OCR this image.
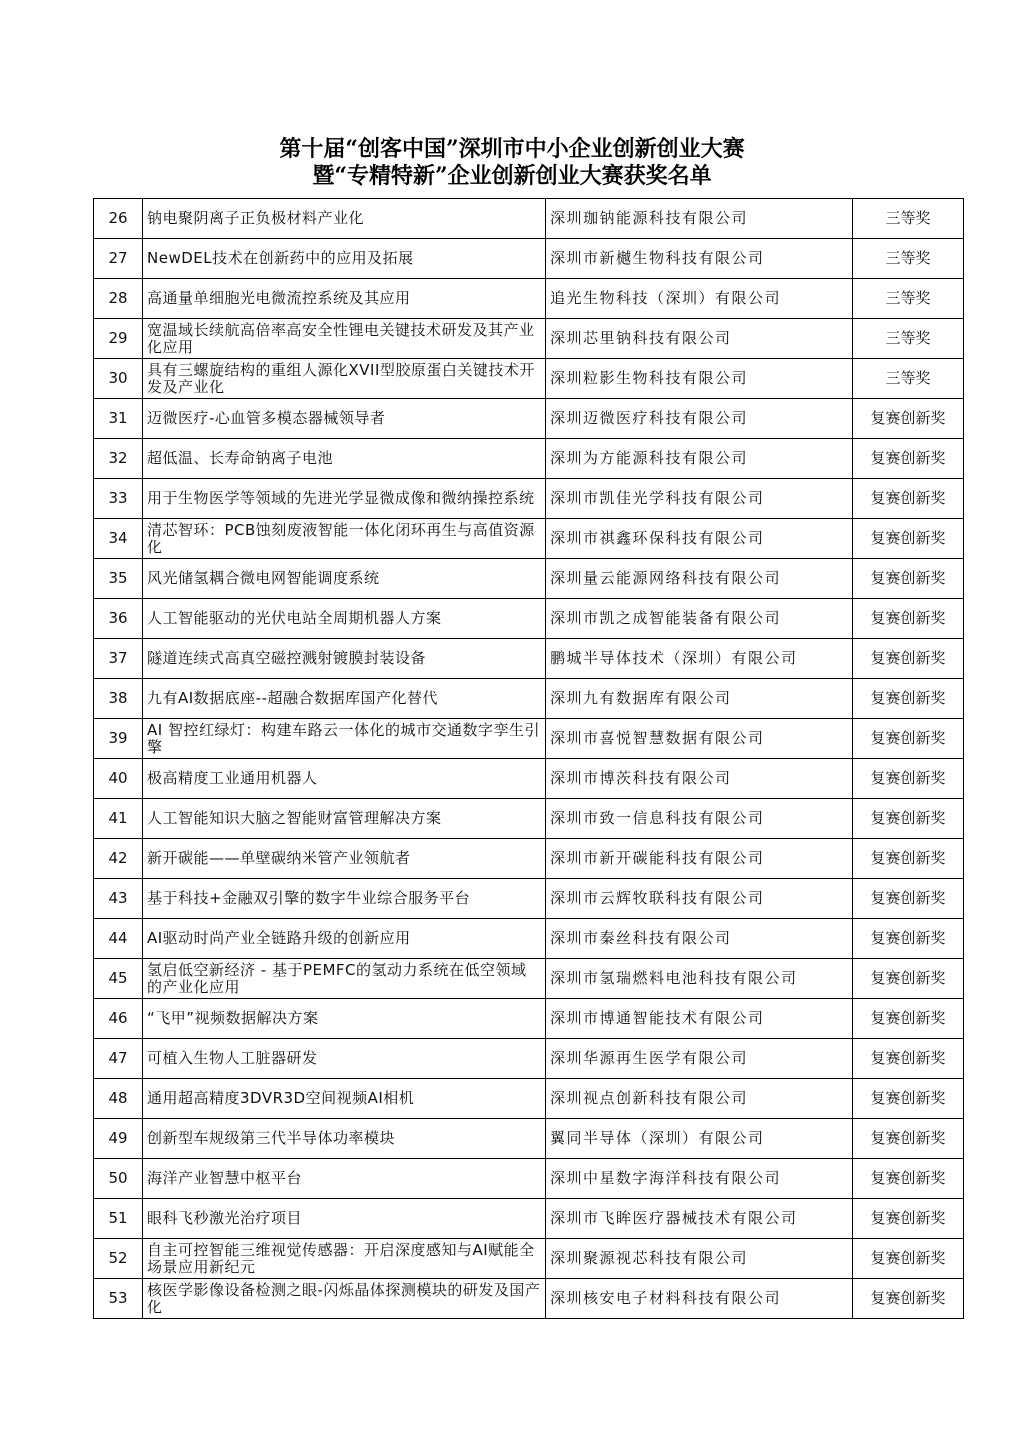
第十届“创客中国”深圳市中小企业创新创业大赛
暨“专精特新”企业创新创业大赛获奖名单
26	钠电聚阴离子正负极材料产业化	深圳珈钠能源科技有限公司	三等奖
27	NewDEL技术在创新药中的应用及拓展	深圳市新樾生物科技有限公司	三等奖
28	高通量单细胞光电微流控系统及其应用	追光生物科技（深圳）有限公司	三等奖
29	宽温域长续航高倍率高安全性锂电关键技术研发及其产业化应用	深圳芯里钠科技有限公司	三等奖
30	具有三螺旋结构的重组人源化XVII型胶原蛋白关键技术开发及产业化	深圳粒影生物科技有限公司	三等奖
31	迈微医疗-心血管多模态器械领导者	深圳迈微医疗科技有限公司	复赛创新奖
32	超低温、长寿命钠离子电池	深圳为方能源科技有限公司	复赛创新奖
33	用于生物医学等领域的先进光学显微成像和微纳操控系统	深圳市凯佳光学科技有限公司	复赛创新奖
34	清芯智环：PCB蚀刻废液智能一体化闭环再生与高值资源化	深圳市祺鑫环保科技有限公司	复赛创新奖
35	风光储氢耦合微电网智能调度系统	深圳量云能源网络科技有限公司	复赛创新奖
36	人工智能驱动的光伏电站全周期机器人方案	深圳市凯之成智能装备有限公司	复赛创新奖
37	隧道连续式高真空磁控溅射镀膜封装设备	鹏城半导体技术（深圳）有限公司	复赛创新奖
38	九有AI数据底座--超融合数据库国产化替代	深圳九有数据库有限公司	复赛创新奖
39	AI 智控红绿灯：构建车路云一体化的城市交通数字孪生引擎	深圳市喜悦智慧数据有限公司	复赛创新奖
40	极高精度工业通用机器人	深圳市博茨科技有限公司	复赛创新奖
41	人工智能知识大脑之智能财富管理解决方案	深圳市致一信息科技有限公司	复赛创新奖
42	新开碳能——单壁碳纳米管产业领航者	深圳市新开碳能科技有限公司	复赛创新奖
43	基于科技+金融双引擎的数字牛业综合服务平台	深圳市云辉牧联科技有限公司	复赛创新奖
44	AI驱动时尚产业全链路升级的创新应用	深圳市秦丝科技有限公司	复赛创新奖
45	氢启低空新经济 - 基于PEMFC的氢动力系统在低空领域的产业化应用	深圳市氢瑞燃料电池科技有限公司	复赛创新奖
46	“飞甲”视频数据解决方案	深圳市博通智能技术有限公司	复赛创新奖
47	可植入生物人工脏器研发	深圳华源再生医学有限公司	复赛创新奖
48	通用超高精度3DVR3D空间视频AI相机	深圳视点创新科技有限公司	复赛创新奖
49	创新型车规级第三代半导体功率模块	翼同半导体（深圳）有限公司	复赛创新奖
50	海洋产业智慧中枢平台	深圳中星数字海洋科技有限公司	复赛创新奖
51	眼科飞秒激光治疗项目	深圳市飞眸医疗器械技术有限公司	复赛创新奖
52	自主可控智能三维视觉传感器：开启深度感知与AI赋能全场景应用新纪元	深圳聚源视芯科技有限公司	复赛创新奖
53	核医学影像设备检测之眼-闪烁晶体探测模块的研发及国产化	深圳核安电子材料科技有限公司	复赛创新奖
